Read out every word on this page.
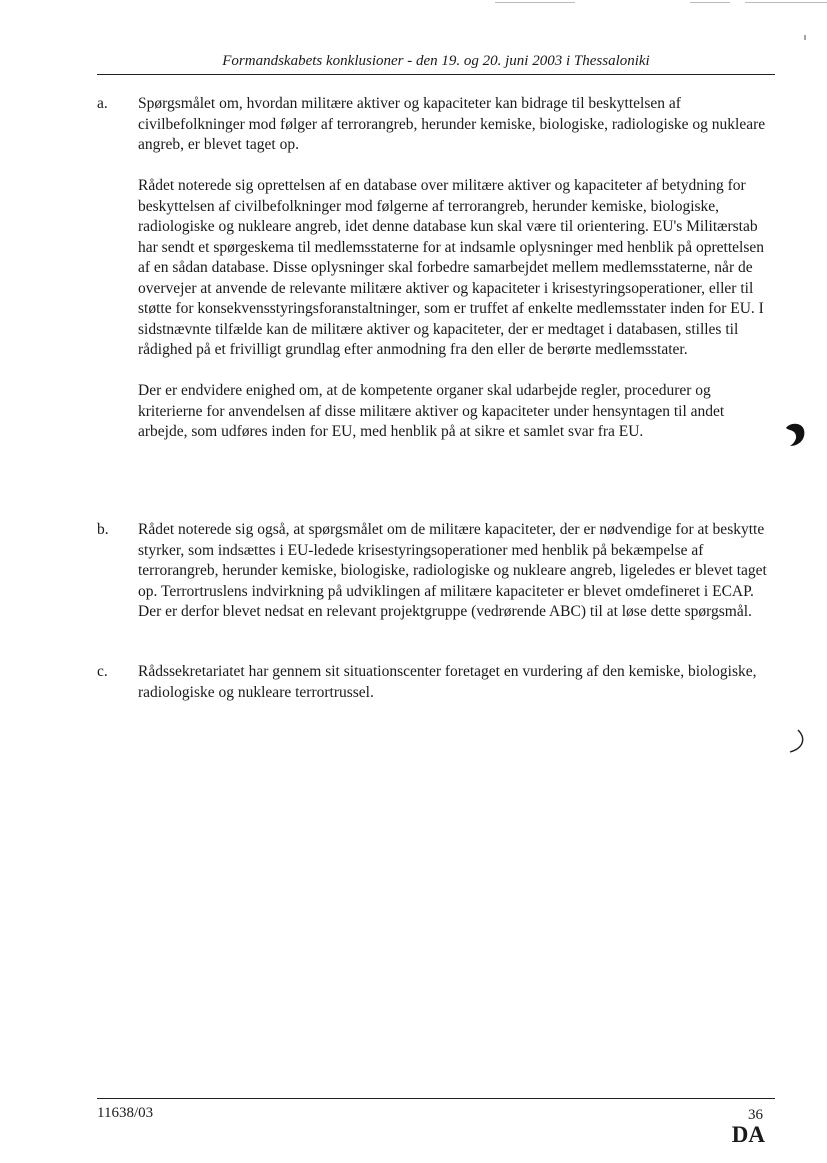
Formandskabets konklusioner - den 19. og 20. juni 2003 i Thessaloniki
a.	Spørgsmålet om, hvordan militære aktiver og kapaciteter kan bidrage til beskyttelsen af civilbefolkninger mod følger af terrorangreb, herunder kemiske, biologiske, radiologiske og nukleare angreb, er blevet taget op.

Rådet noterede sig oprettelsen af en database over militære aktiver og kapaciteter af betydning for beskyttelsen af civilbefolkninger mod følgerne af terrorangreb, herunder kemiske, biologiske, radiologiske og nukleare angreb, idet denne database kun skal være til orientering. EU's Militærstab har sendt et spørgeskema til medlemsstaterne for at indsamle oplysninger med henblik på oprettelsen af en sådan database. Disse oplysninger skal forbedre samarbejdet mellem medlemsstaterne, når de overvejer at anvende de relevante militære aktiver og kapaciteter i krisestyringsoperationer, eller til støtte for konsekvensstyringsforanstaltninger, som er truffet af enkelte medlemsstater inden for EU. I sidstnævnte tilfælde kan de militære aktiver og kapaciteter, der er medtaget i databasen, stilles til rådighed på et frivilligt grundlag efter anmodning fra den eller de berørte medlemsstater.

Der er endvidere enighed om, at de kompetente organer skal udarbejde regler, procedurer og kriterierne for anvendelsen af disse militære aktiver og kapaciteter under hensyntagen til andet arbejde, som udføres inden for EU, med henblik på at sikre et samlet svar fra EU.

b.	Rådet noterede sig også, at spørgsmålet om de militære kapaciteter, der er nødvendige for at beskytte styrker, som indsættes i EU-ledede krisestyringsoperationer med henblik på bekæmpelse af terrorangreb, herunder kemiske, biologiske, radiologiske og nukleare angreb, ligeledes er blevet taget op. Terrortruslens indvirkning på udviklingen af militære kapaciteter er blevet omdefineret i ECAP. Der er derfor blevet nedsat en relevant projektgruppe (vedrørende ABC) til at løse dette spørgsmål.

c.	Rådssekretariatet har gennem sit situationscenter foretaget en vurdering af den kemiske, biologiske, radiologiske og nukleare terrortrussel.

11638/03	36
DA
